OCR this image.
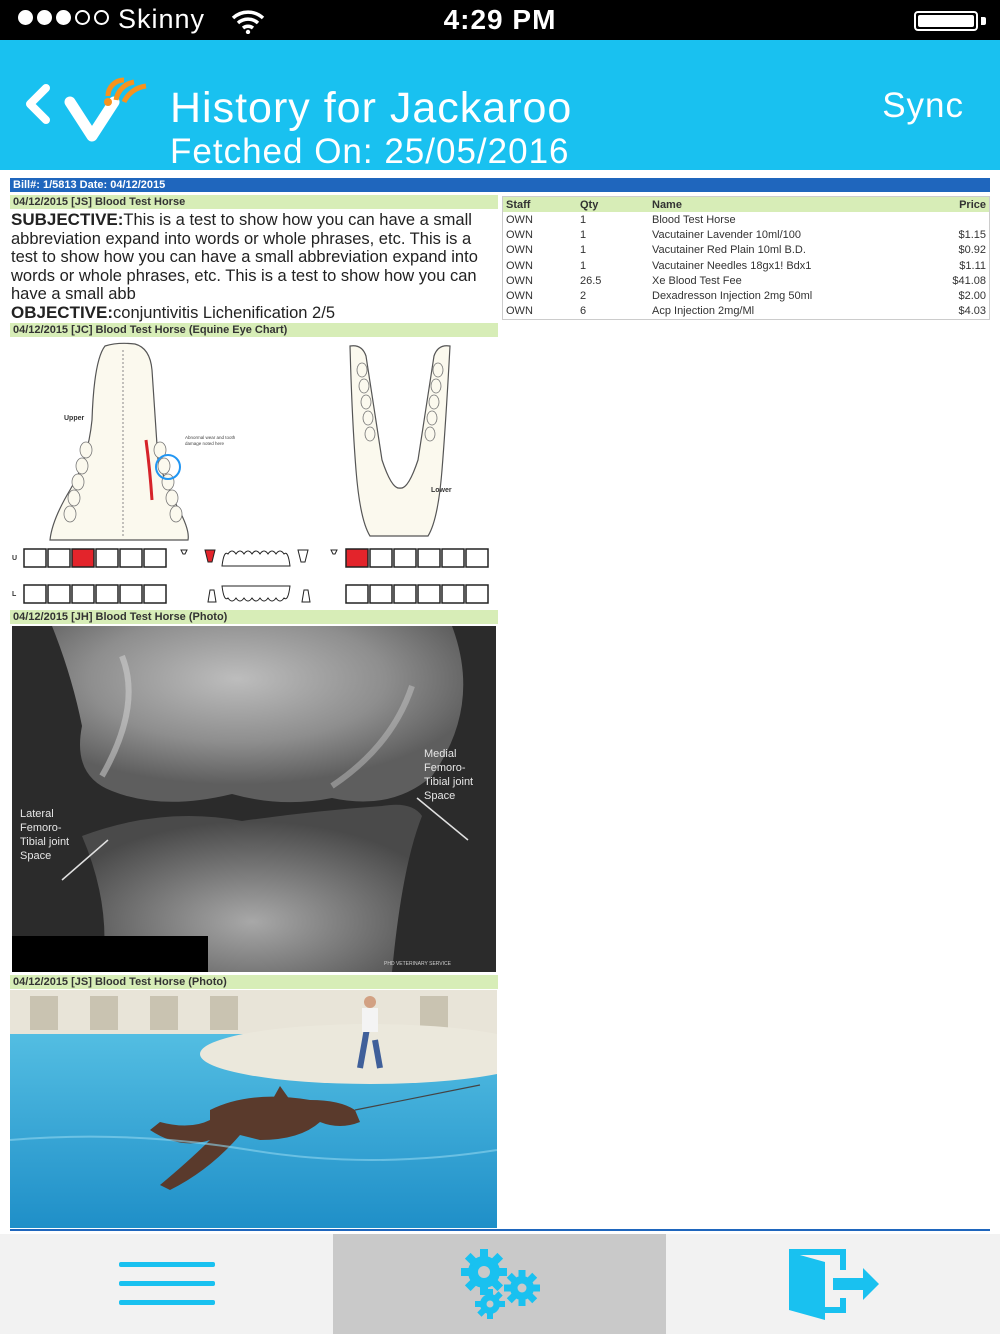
Skinny	4:29 PM
History for Jackaroo
Fetched On: 25/05/2016
Sync
Bill#: 1/5813 Date: 04/12/2015
04/12/2015 [JS] Blood Test Horse
SUBJECTIVE:This is a test to show how you can have a small abbreviation expand into words or whole phrases, etc. This is a test to show how you can have a small abbreviation expand into words or whole phrases, etc. This is a test to show how you can have a small abb
OBJECTIVE:conjuntivitis Lichenification 2/5
Staff	Qty	Name	Price
OWN	1	Blood Test Horse	
OWN	1	Vacutainer Lavender 10ml/100	$1.15
OWN	1	Vacutainer Red Plain 10ml B.D.	$0.92
OWN	1	Vacutainer Needles 18gx1! Bdx1	$1.11
OWN	26.5	Xe Blood Test Fee	$41.08
OWN	2	Dexadresson Injection 2mg 50ml	$2.00
OWN	6	Acp Injection 2mg/Ml	$4.03
04/12/2015 [JC] Blood Test Horse (Equine Eye Chart)
Upper
Abnormal wear and tooth
damage noted here
Lower
U
L
04/12/2015 [JH] Blood Test Horse (Photo)
Medial
Femoro-
Tibial joint
Space
Lateral
Femoro-
Tibial joint
Space
PHD VETERINARY SERVICE
04/12/2015 [JS] Blood Test Horse (Photo)
